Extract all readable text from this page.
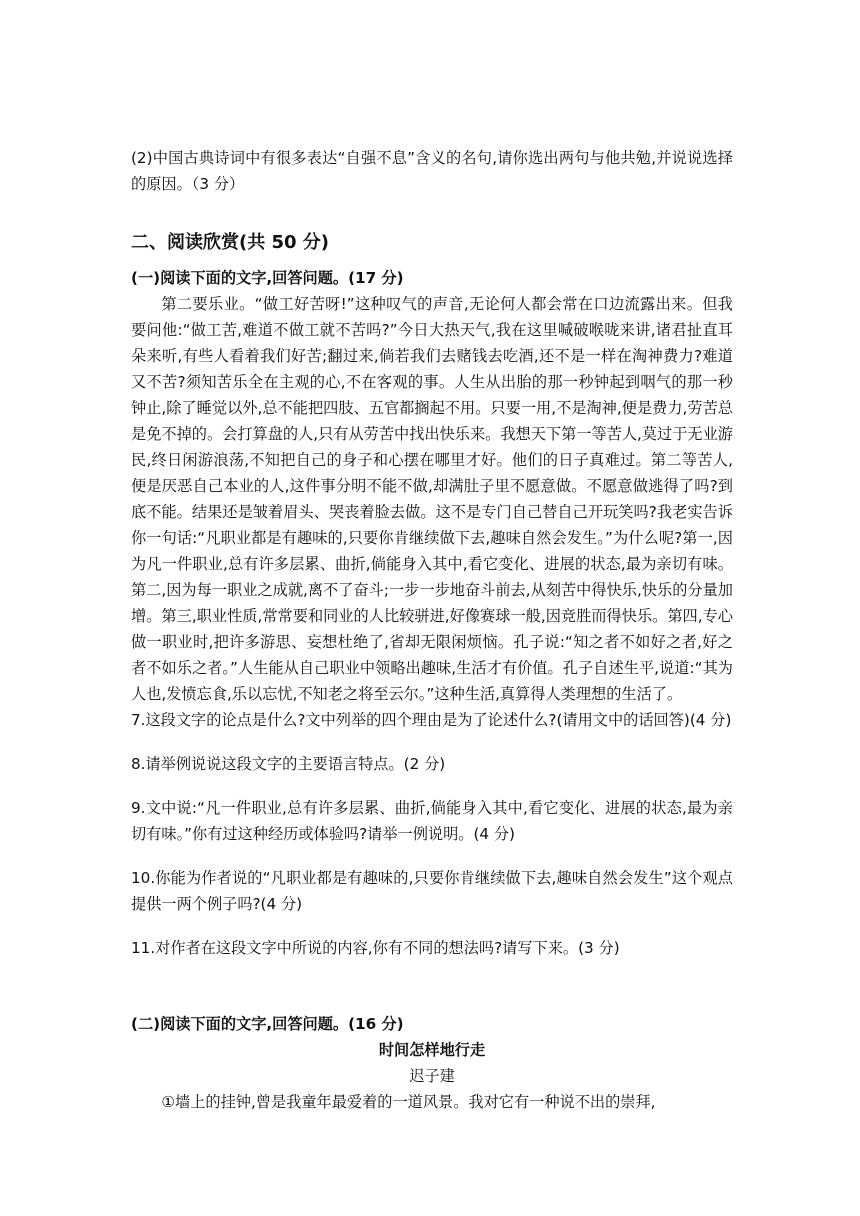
(2)中国古典诗词中有很多表达“自强不息”含义的名句,请你选出两句与他共勉,并说说选择的原因。（3 分）

二、阅读欣赏(共 50 分)

(一)阅读下面的文字,回答问题。(17 分)

第二要乐业。“做工好苦呀!”这种叹气的声音,无论何人都会常在口边流露出来。但我要问他:“做工苦,难道不做工就不苦吗?”今日大热天气,我在这里喊破喉咙来讲,诸君扯直耳朵来听,有些人看着我们好苦;翻过来,倘若我们去赌钱去吃酒,还不是一样在淘神费力?难道又不苦?须知苦乐全在主观的心,不在客观的事。人生从出胎的那一秒钟起到咽气的那一秒钟止,除了睡觉以外,总不能把四肢、五官都搁起不用。只要一用,不是淘神,便是费力,劳苦总是免不掉的。会打算盘的人,只有从劳苦中找出快乐来。我想天下第一等苦人,莫过于无业游民,终日闲游浪荡,不知把自己的身子和心摆在哪里才好。他们的日子真难过。第二等苦人,便是厌恶自己本业的人,这件事分明不能不做,却满肚子里不愿意做。不愿意做逃得了吗?到底不能。结果还是皱着眉头、哭丧着脸去做。这不是专门自己替自己开玩笑吗?我老实告诉你一句话:“凡职业都是有趣味的,只要你肯继续做下去,趣味自然会发生。”为什么呢?第一,因为凡一件职业,总有许多层累、曲折,倘能身入其中,看它变化、进展的状态,最为亲切有味。第二,因为每一职业之成就,离不了奋斗;一步一步地奋斗前去,从刻苦中得快乐,快乐的分量加增。第三,职业性质,常常要和同业的人比较骈进,好像赛球一般,因竞胜而得快乐。第四,专心做一职业时,把许多游思、妄想杜绝了,省却无限闲烦恼。孔子说:“知之者不如好之者,好之者不如乐之者。”人生能从自己职业中领略出趣味,生活才有价值。孔子自述生平,说道:“其为人也,发愤忘食,乐以忘忧,不知老之将至云尔。”这种生活,真算得人类理想的生活了。

7.这段文字的论点是什么?文中列举的四个理由是为了论述什么?(请用文中的话回答)(4 分)

8.请举例说说这段文字的主要语言特点。(2 分)

9.文中说:“凡一件职业,总有许多层累、曲折,倘能身入其中,看它变化、进展的状态,最为亲切有味。”你有过这种经历或体验吗?请举一例说明。(4 分)

10.你能为作者说的“凡职业都是有趣味的,只要你肯继续做下去,趣味自然会发生”这个观点提供一两个例子吗?(4 分)

11.对作者在这段文字中所说的内容,你有不同的想法吗?请写下来。(3 分)

(二)阅读下面的文字,回答问题。(16 分)

时间怎样地行走

迟子建

①墙上的挂钟,曾是我童年最爱着的一道风景。我对它有一种说不出的崇拜,
